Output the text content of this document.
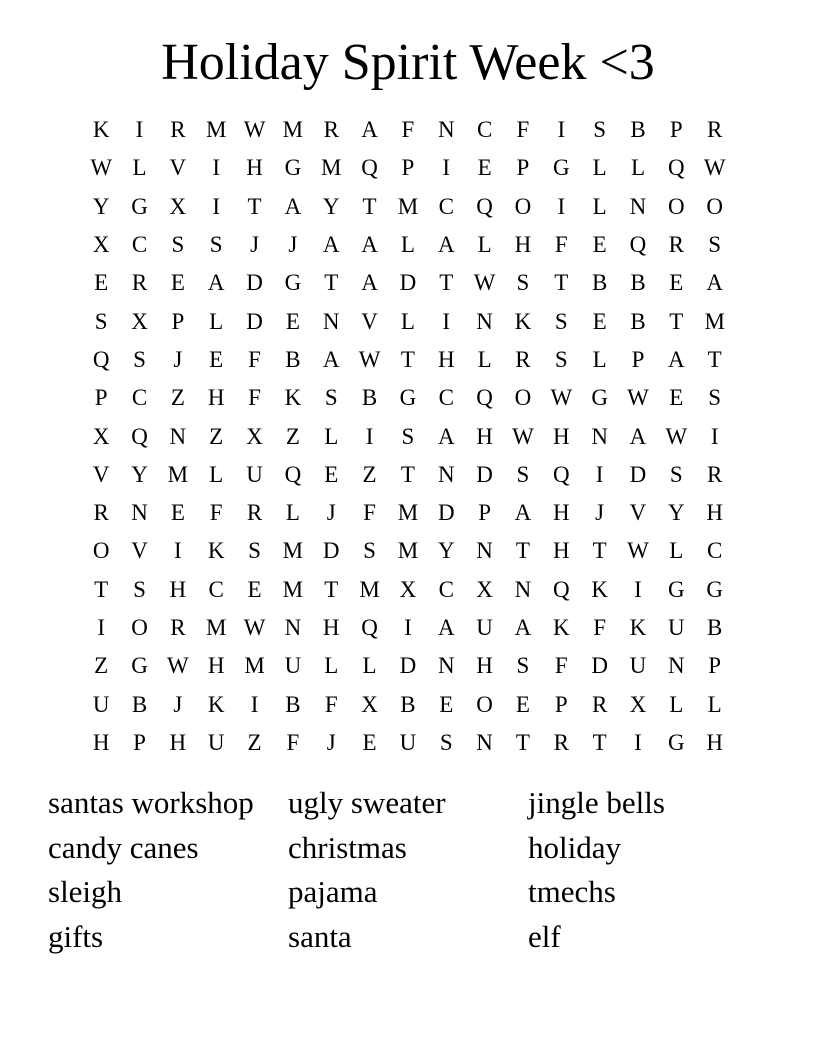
Holiday Spirit Week <3
K	I	R M W M R A	F	N C	F	I	S	B	P	R
W L	V	I	H G M Q	P	I	E	P	G	L	L	Q W
Y G X	I	T	A Y	T M C Q O	I	L	N O O
X C	S	S	J	J	A A	L	A	L	H	F	E	Q R	S
E	R	E	A D G	T	A D	T W S	T	B	B	E	A
S	X	P	L	D	E	N V	L	I	N K	S	E	B	T M
Q	S	J	E	F	B A W T	H	L	R	S	L	P	A	T
P	C	Z	H	F	K	S	B G C Q O W G W E	S
X Q N	Z	X	Z	L	I	S	A H W H N A W	I
V Y M L	U Q	E	Z	T	N D	S	Q	I	D	S	R
R N	E	F	R	L	J	F M D	P	A H	J	V Y H
O V	I	K	S M D	S M Y N	T	H	T W L	C
T	S	H C	E M T M X C X N Q K	I	G G
I	O R M W N H Q	I	A U A K	F	K U B
Z	G W H M U	L	L	D N H	S	F	D U N	P
U B	J	K	I	B	F	X B	E	O	E	P	R X	L	L
H	P	H U	Z	F	J	E	U	S	N	T	R	T	I	G H
santas workshop	ugly sweater	jingle bells
candy canes	christmas	holiday
sleigh	pajama	tmechs
gifts	santa	elf
